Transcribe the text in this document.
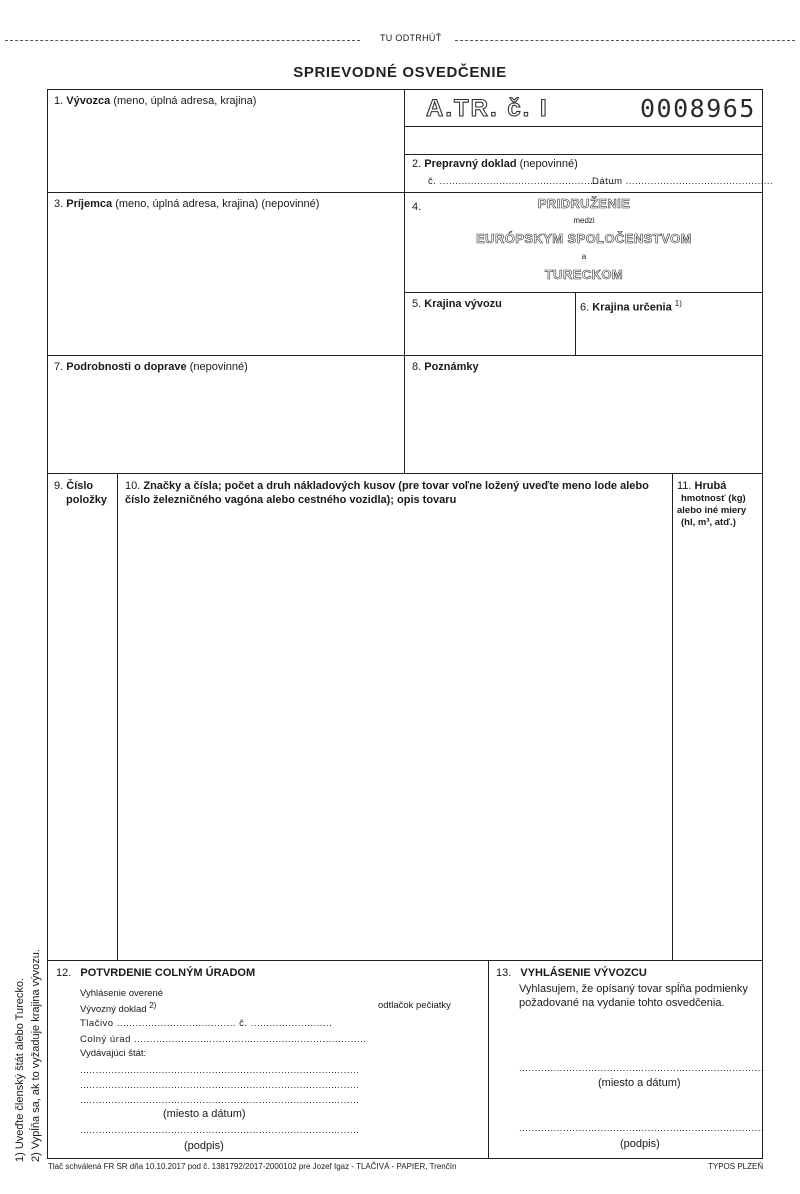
TU ODTRHÚŤ
SPRIEVODNÉ OSVEDČENIE
1. Vývozca (meno, úplná adresa, krajina)	A.TR. č. I	0008965
2. Prepravný doklad (nepovinné)
č. ........................................................
Dátum ...............................................
3. Príjemca (meno, úplná adresa, krajina) (nepovinné)	4.	PRIDRUŽENIE
medzi
EURÓPSKYM SPOLOČENSTVOM
a
TURECKOM
5. Krajina vývozu	6. Krajina určenia $^{1)}$
7. Podrobnosti o doprave (nepovinné)	8. Poznámky
9. Číslo
položky
10. Značky a čísla; počet a druh nákladových kusov (pre tovar voľne ložený uveďte meno lode alebo
číslo železničného vagóna alebo cestného vozidla); opis tovaru
11. Hrubá
hmotnosť (kg)
alebo iné miery
(hl, m³, atď.)
12. POTVRDENIE COLNÝM ÚRADOM
Vyhlásenie overené
Vývozný doklad $^{2)}$	odtlačok pečiatky
Tlačivo ...................................... č. ..........................
Colný úrad ..........................................................................
Vydávajúci štát:
.........................................................................................
.........................................................................................
.........................................................................................
(miesto a dátum)
.........................................................................................
(podpis)
13. VYHLÁSENIE VÝVOZCU
Vyhlasujem, že opísaný tovar spĺňa podmienky
požadované na vydanie tohto osvedčenia.
..............................................................................
(miesto a dátum)
..............................................................................
(podpis)
1) Uveďte členský štát alebo Turecko. 2) Vypĺňa sa, ak to vyžaduje krajina vývozu.
Tlač schválená FR SR dňa 10.10.2017 pod č. 1381792/2017-2000102 pre Jozef Igaz - TLAČIVÁ - PAPIER, Trenčín	TYPOS PLZEŇ
